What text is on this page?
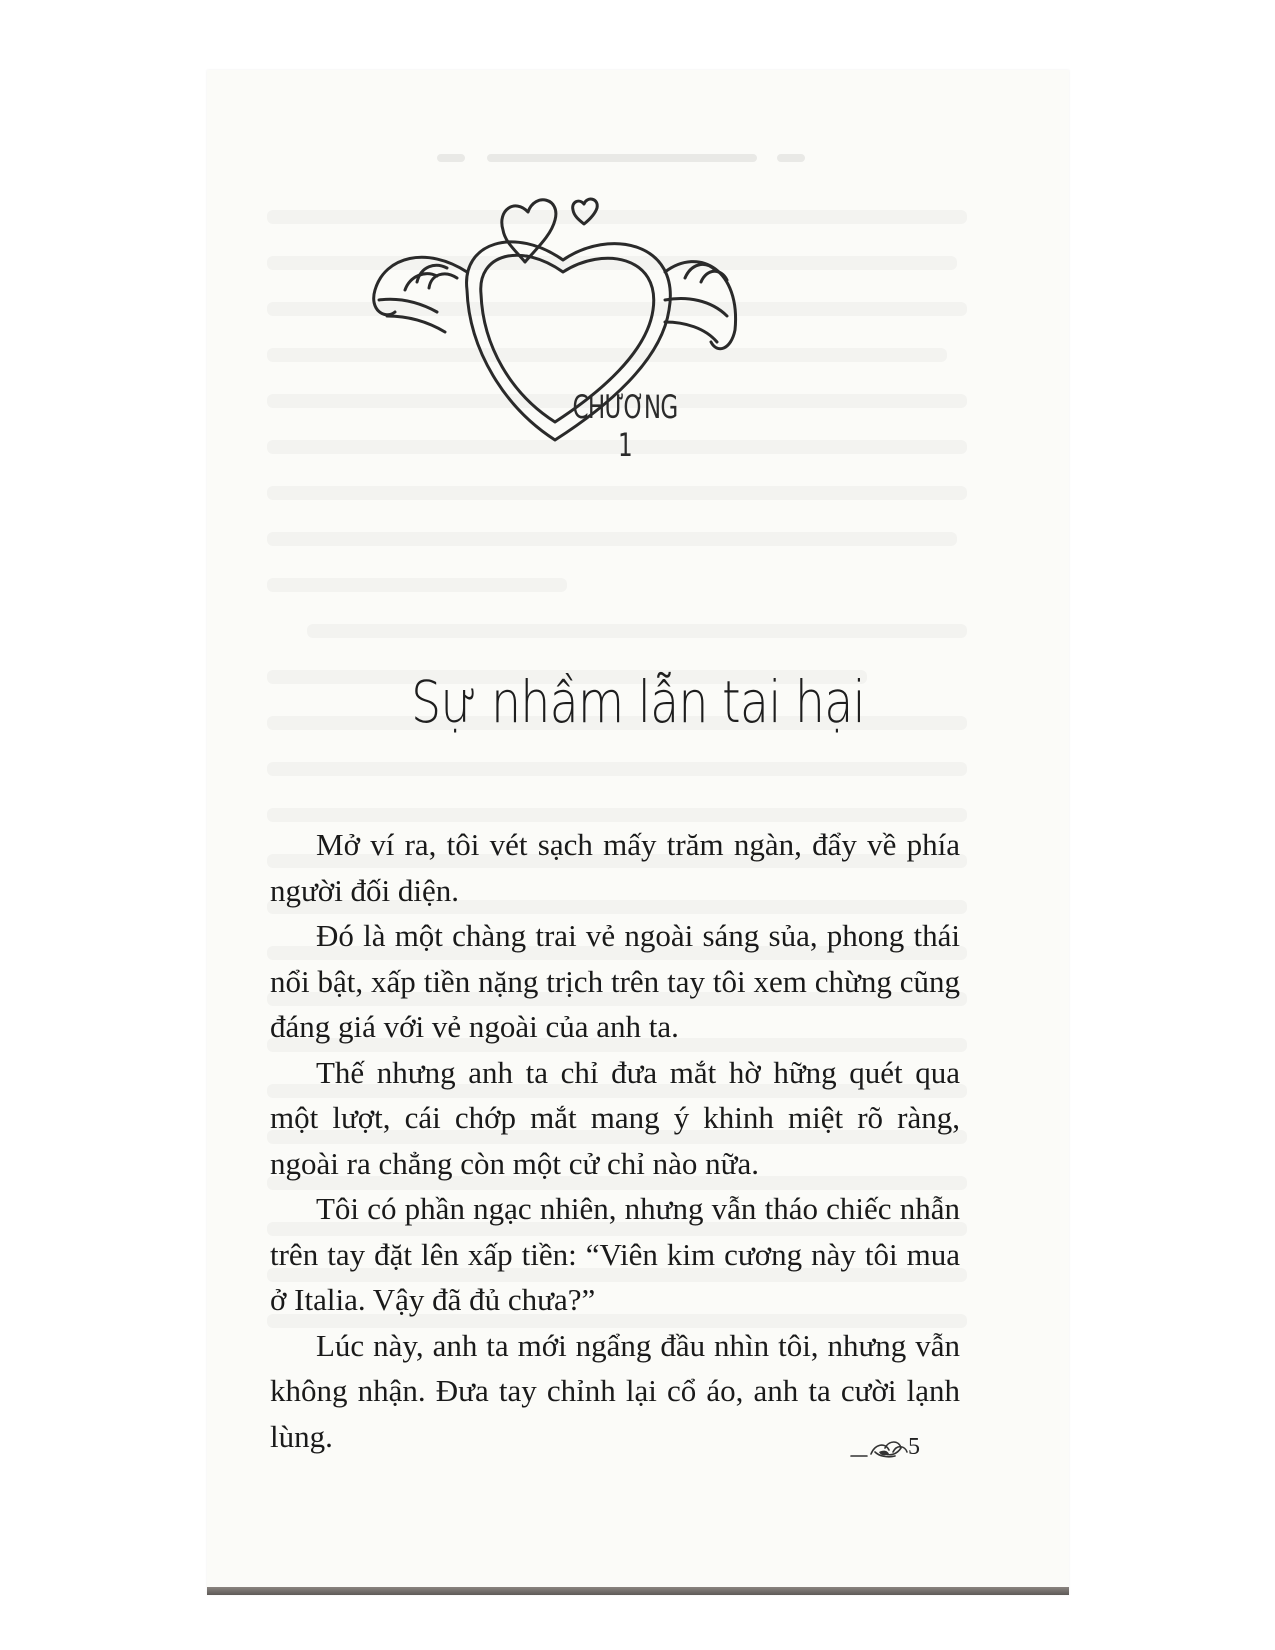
CHƯƠNG 1
Sự nhầm lẫn tai hại

Mở ví ra, tôi vét sạch mấy trăm ngàn, đẩy về phía người đối diện.

Đó là một chàng trai vẻ ngoài sáng sủa, phong thái nổi bật, xấp tiền nặng trịch trên tay tôi xem chừng cũng đáng giá với vẻ ngoài của anh ta.

Thế nhưng anh ta chỉ đưa mắt hờ hững quét qua một lượt, cái chớp mắt mang ý khinh miệt rõ ràng, ngoài ra chẳng còn một cử chỉ nào nữa.

Tôi có phần ngạc nhiên, nhưng vẫn tháo chiếc nhẫn trên tay đặt lên xấp tiền: “Viên kim cương này tôi mua ở Italia. Vậy đã đủ chưa?”

Lúc này, anh ta mới ngẩng đầu nhìn tôi, nhưng vẫn không nhận. Đưa tay chỉnh lại cổ áo, anh ta cười lạnh lùng.	5
